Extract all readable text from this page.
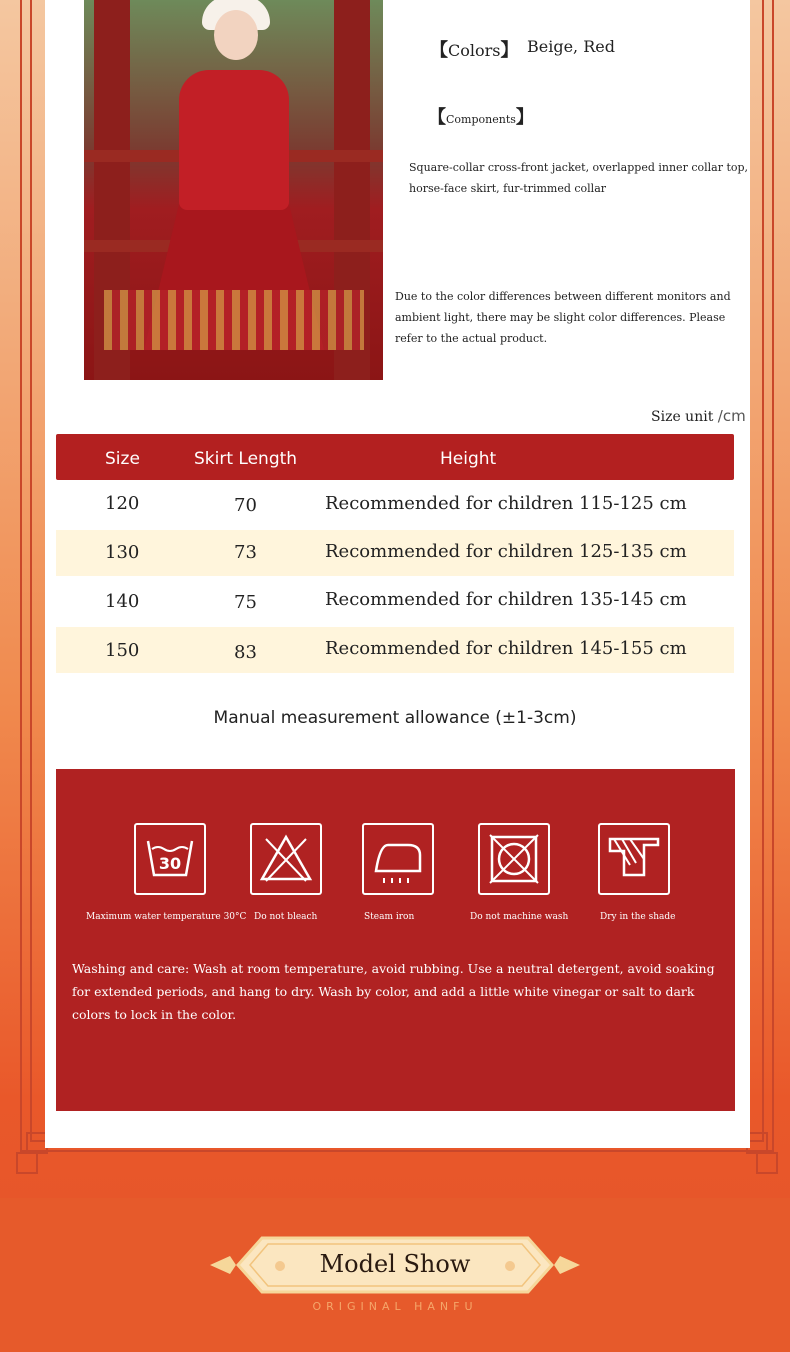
【Colors】 Beige, Red
【Components】
Square-collar cross-front jacket, overlapped inner collar top, horse-face skirt, fur-trimmed collar
Due to the color differences between different monitors and ambient light, there may be slight color differences. Please refer to the actual product.
Size unit /cm
Size	Skirt Length	Height
120	70	Recommended for children 115-125 cm
130	73	Recommended for children 125-135 cm
140	75	Recommended for children 135-145 cm
150	83	Recommended for children 145-155 cm
Manual measurement allowance (±1-3cm)
30
Maximum water temperature 30°C Do not bleach	Steam iron	Do not machine wash	Dry in the shade
Washing and care: Wash at room temperature, avoid rubbing. Use a neutral detergent, avoid soaking for extended periods, and hang to dry. Wash by color, and add a little white vinegar or salt to dark colors to lock in the color.
Model Show
ORIGINAL HANFU
